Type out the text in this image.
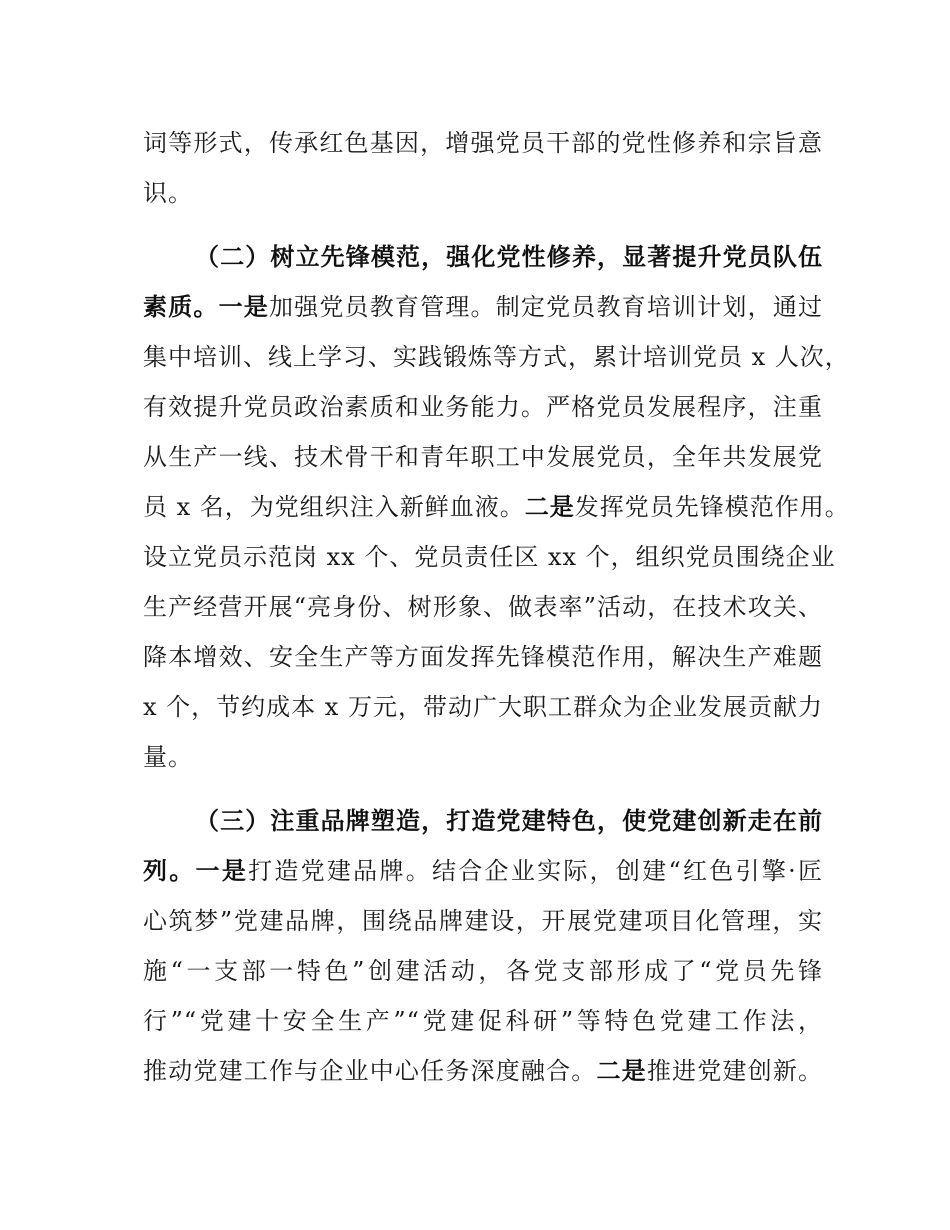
词等形式，传承红色基因，增强党员干部的党性修养和宗旨意
识。
（二）树立先锋模范，强化党性修养，显著提升党员队伍
素质。一是加强党员教育管理。制定党员教育培训计划，通过
集中培训、线上学习、实践锻炼等方式，累计培训党员 x 人次，
有效提升党员政治素质和业务能力。严格党员发展程序，注重
从生产一线、技术骨干和青年职工中发展党员，全年共发展党
员 x 名，为党组织注入新鲜血液。二是发挥党员先锋模范作用。
设立党员示范岗 xx 个、党员责任区 xx 个，组织党员围绕企业
生产经营开展“亮身份、树形象、做表率”活动，在技术攻关、
降本增效、安全生产等方面发挥先锋模范作用，解决生产难题
x 个，节约成本 x 万元，带动广大职工群众为企业发展贡献力
量。
（三）注重品牌塑造，打造党建特色，使党建创新走在前
列。一是打造党建品牌。结合企业实际，创建“红色引擎·匠
心筑梦”党建品牌，围绕品牌建设，开展党建项目化管理，实
施“一支部一特色”创建活动，各党支部形成了“党员先锋
行”“党建十安全生产”“党建促科研”等特色党建工作法，
推动党建工作与企业中心任务深度融合。二是推进党建创新。
